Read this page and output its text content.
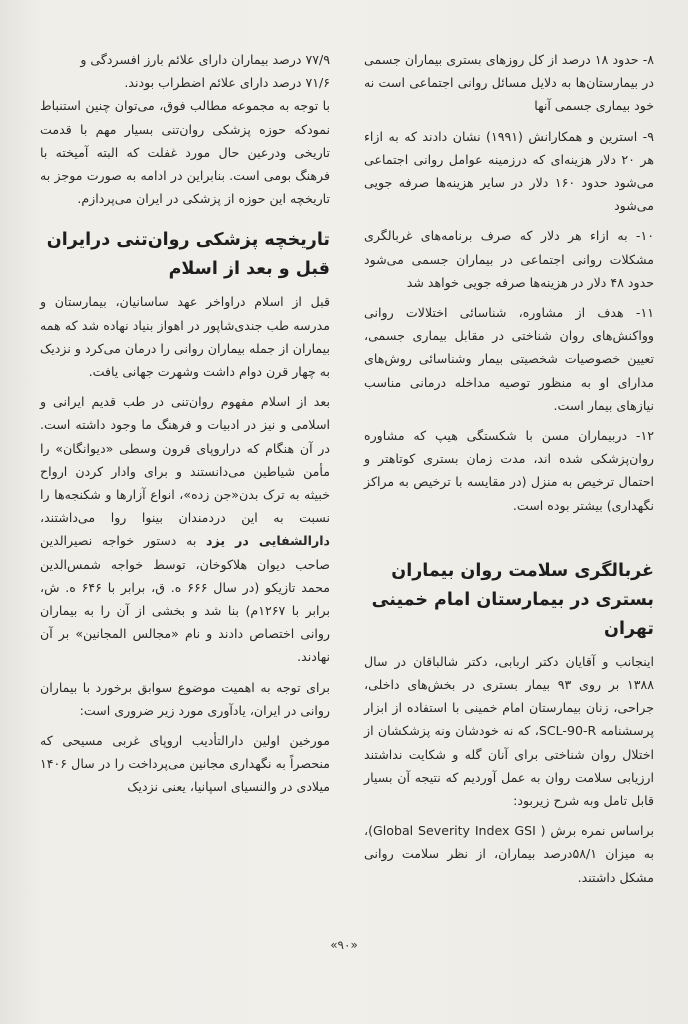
۸- حدود ۱۸ درصد از کل روزهای بستری بیماران جسمی در بیمارستان‌ها به دلایل مسائل روانی اجتماعی است نه خود بیماری جسمی آنها

۹- استرین و همکارانش (۱۹۹۱) نشان دادند که به ازاء هر ۲۰ دلار هزینه‌ای که درزمینه عوامل روانی اجتماعی می‌شود حدود ۱۶۰ دلار در سایر هزینه‌ها صرفه جویی می‌شود

۱۰- به ازاء هر دلار که صرف برنامه‌های غربالگری مشکلات روانی اجتماعی در بیماران جسمی می‌شود حدود ۴۸ دلار در هزینه‌ها صرفه جویی خواهد شد

۱۱- هدف از مشاوره، شناسائی اختلالات روانی وواکنش‌های روان شناختی در مقابل بیماری جسمی، تعیین خصوصیات شخصیتی بیمار وشناسائی روش‌های مدارای او به منظور توصیه مداخله درمانی مناسب نیازهای بیمار است.

۱۲- دربیماران مسن با شکستگی هیپ که مشاوره روان‌پزشکی شده اند، مدت زمان بستری کوتاهتر و احتمال ترخیص به منزل (در مقایسه با ترخیص به مراکز نگهداری) بیشتر بوده است.

غربالگری سلامت روان بیماران بستری در بیمارستان امام خمینی تهران

اینجانب و آقایان دکتر اربابی، دکتر شالباقان در سال ۱۳۸۸ بر روی ۹۳ بیمار بستری در بخش‌های داخلی، جراحی، زنان بیمارستان امام خمینی با استفاده از ابزار پرسشنامه SCL-90-R، که نه خودشان ونه پزشکشان از اختلال روان شناختی برای آنان گله و شکایت نداشتند ارزیابی سلامت روان به عمل آوردیم که نتیجه آن بسیار قابل تامل وبه شرح زیربود:

براساس نمره برش ( Global Severity Index GSI)، به میزان ۵۸/۱درصد بیماران، از نظر سلامت روانی مشکل داشتند.

۷۷/۹ درصد بیماران دارای علائم بارز افسردگی و
۷۱/۶ درصد دارای علائم اضطراب بودند.

با توجه به مجموعه مطالب فوق، می‌توان چنین استنباط نمودکه حوزه پزشکی روان‌تنی بسیار مهم با قدمت تاریخی ودرعین حال مورد غفلت که البته آمیخته با فرهنگ بومی است. بنابراین در ادامه به صورت موجز به تاریخچه این حوزه از پزشکی در ایران می‌پردازم.

تاریخچه پزشکی روان‌تنی درایران قبل و بعد از اسلام

قبل از اسلام دراواخر عهد ساسانیان، بیمارستان و مدرسه طب جندی‌شاپور در اهواز بنیاد نهاده شد که همه بیماران از جمله بیماران روانی را درمان می‌کرد و نزدیک به چهار قرن دوام داشت وشهرت جهانی یافت.

بعد از اسلام مفهوم روان‌تنی در طب قدیم ایرانی و اسلامی و نیز در ادبیات و فرهنگ ما وجود داشته است. در آن هنگام که دراروپای قرون وسطی «دیوانگان» را مأمن شیاطین می‌دانستند و برای وادار کردن ارواح خبیثه به ترک بدن«جن زده»، انواع آزارها و شکنجه‌ها را نسبت به این دردمندان بینوا روا می‌داشتند، دارالشفایی در یزد به دستور خواجه نصیرالدین صاحب دیوان هلاکوخان، توسط خواجه شمس‌الدین محمد تازیکو (در سال ۶۶۶ ه. ق، برابر با ۶۴۶ ه. ش، برابر با ۱۲۶۷م) بنا شد و بخشی از آن را به بیماران روانی اختصاص دادند و نام «مجالس المجانین» بر آن نهادند.

برای توجه به اهمیت موضوع سوابق برخورد با بیماران روانی در ایران، یادآوری مورد زیر ضروری است:

مورخین اولین دارالتأدیب اروپای غربی مسیحی که منحصراً به نگهداری مجانین می‌پرداخت را در سال ۱۴۰۶ میلادی در والنسیای اسپانیا، یعنی نزدیک

«۹۰»
